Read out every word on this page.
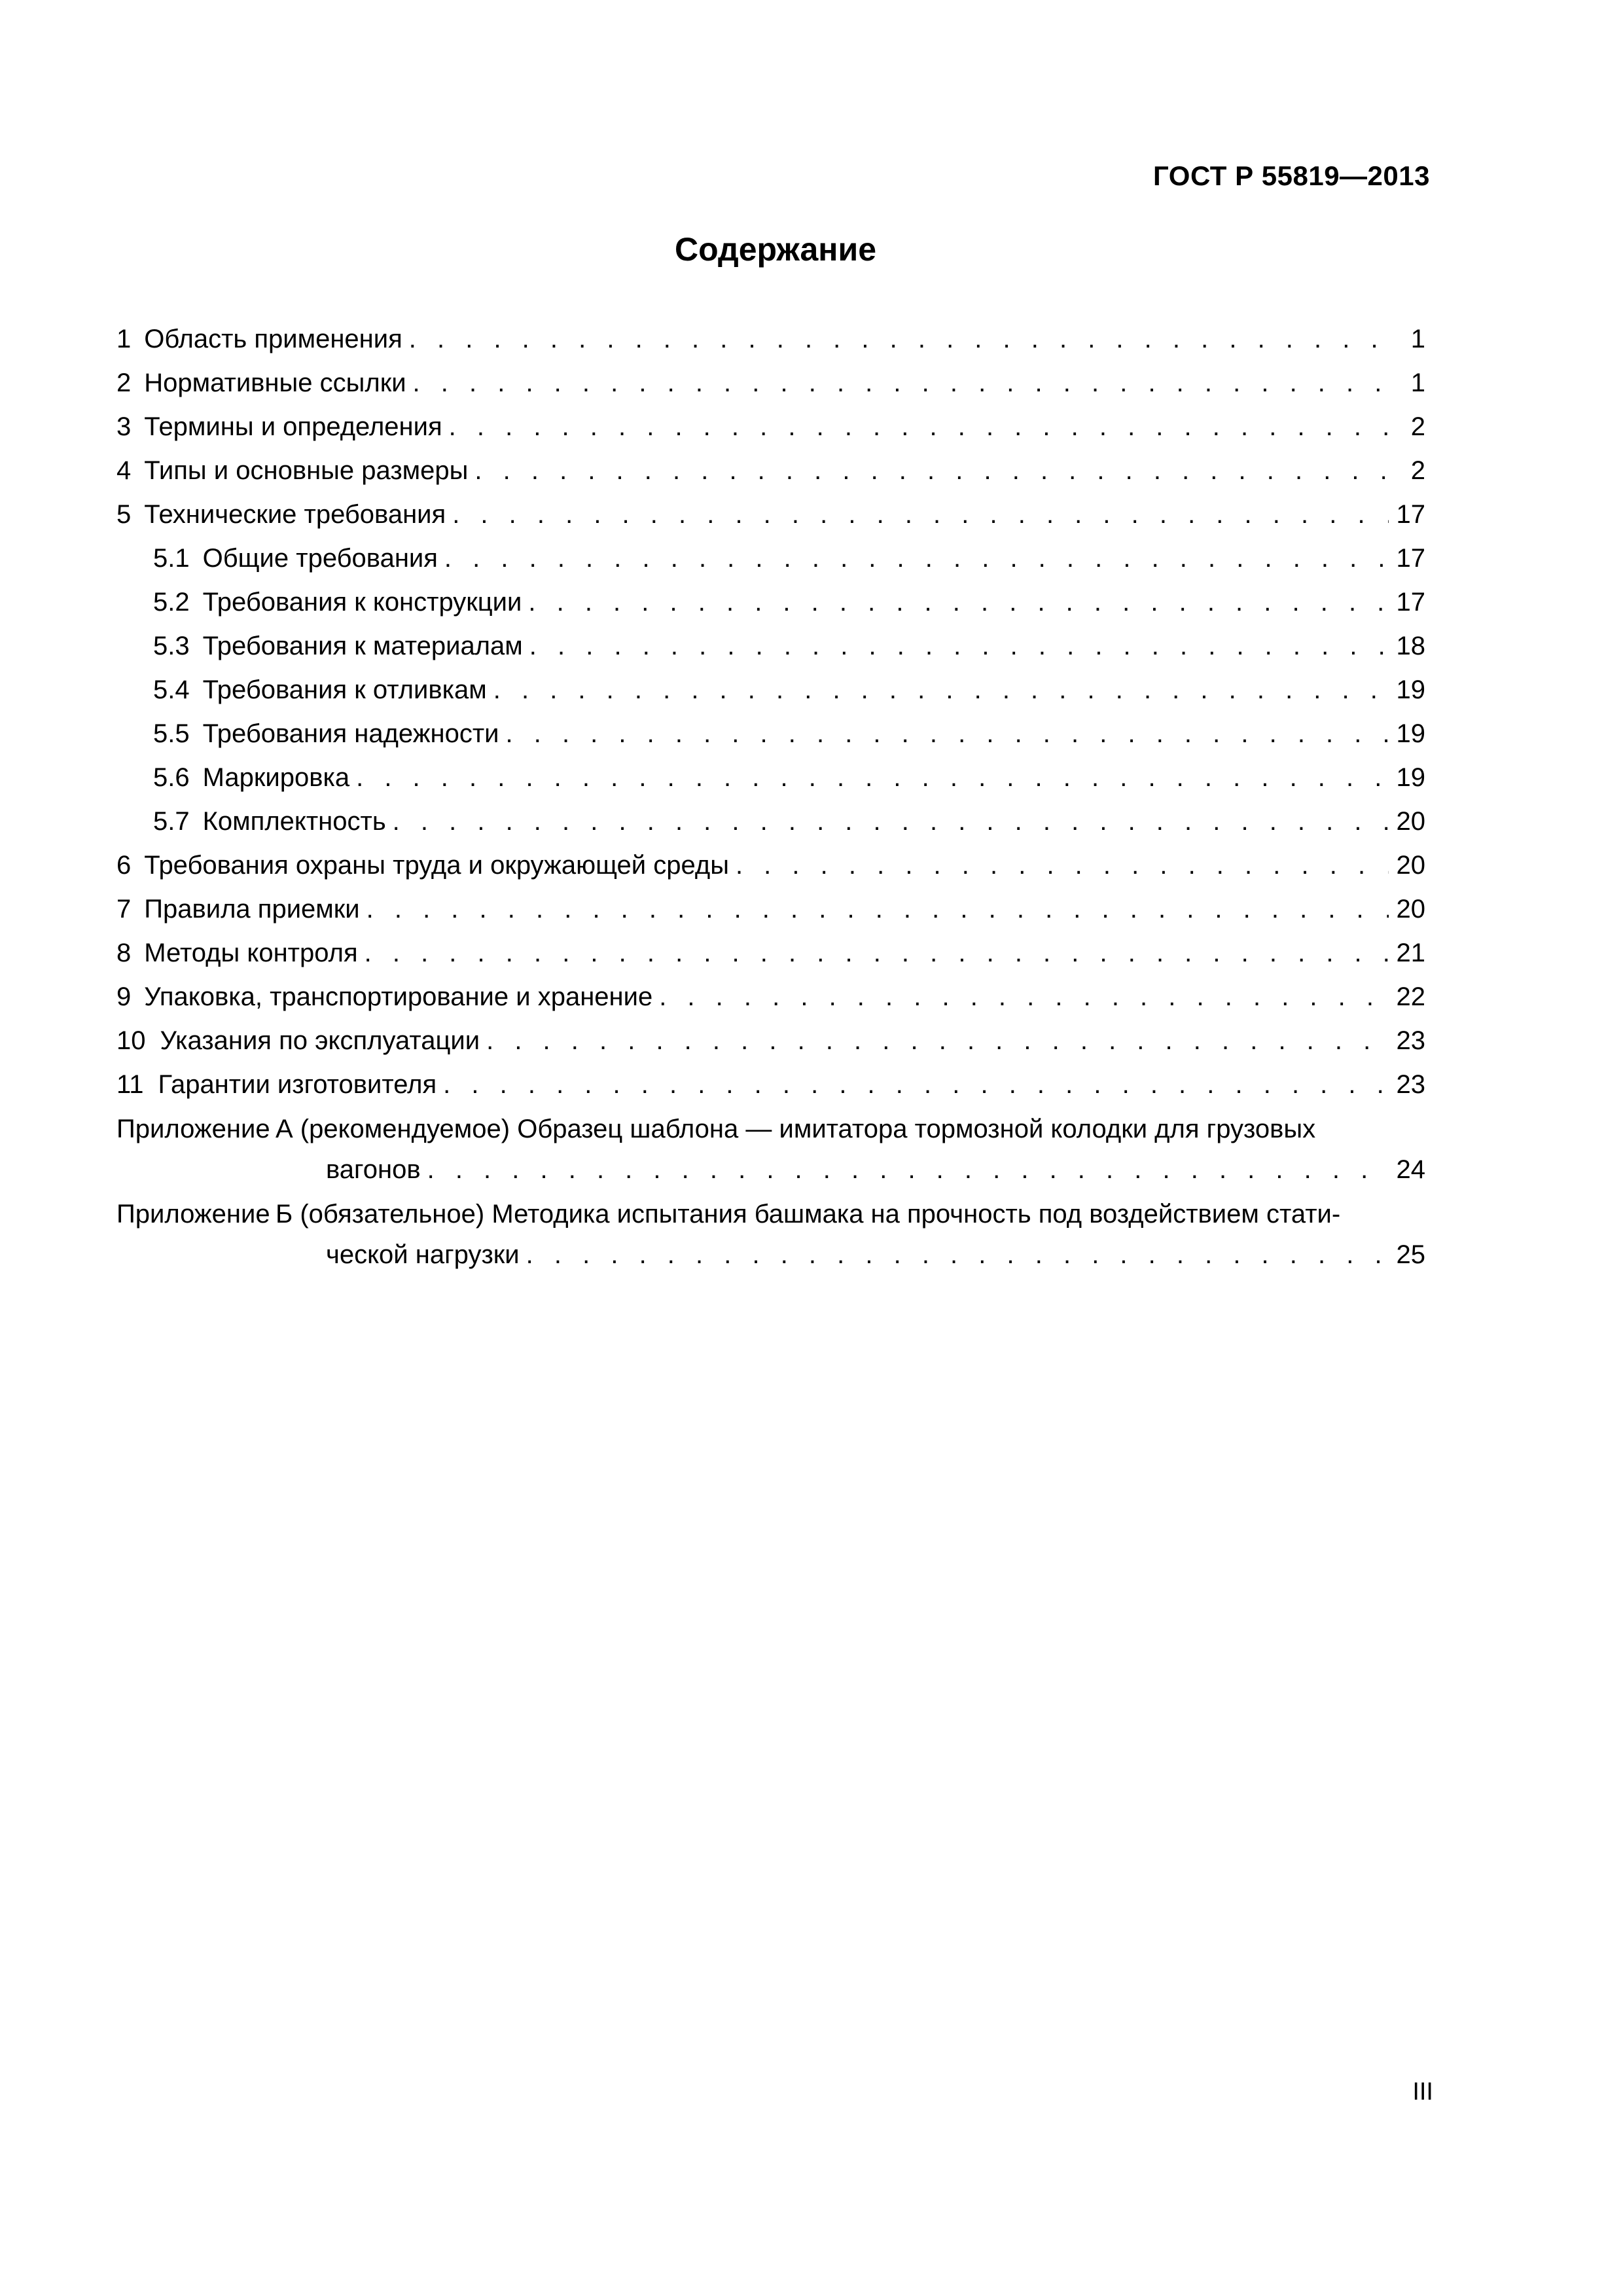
ГОСТ Р 55819—2013
Содержание
1 Область применения . . .	1
2 Нормативные ссылки . . .	1
3 Термины и определения . . .	2
4 Типы и основные размеры . . .	2
5 Технические требования . . .	17
5.1 Общие требования . . .	17
5.2 Требования к конструкции . . .	17
5.3 Требования к материалам . . .	18
5.4 Требования к отливкам . . .	19
5.5 Требования надежности . . .	19
5.6 Маркировка . . .	19
5.7 Комплектность . . .	20
6 Требования охраны труда и окружающей среды . . .	20
7 Правила приемки . . .	20
8 Методы контроля . . .	21
9 Упаковка, транспортирование и хранение . . .	22
10 Указания по эксплуатации . . .	23
11 Гарантии изготовителя . . .	23
Приложение А (рекомендуемое) Образец шаблона — имитатора тормозной колодки для грузовых
вагонов . . .	24
Приложение Б (обязательное) Методика испытания башмака на прочность под воздействием стати-
ческой нагрузки . . .	25
III
